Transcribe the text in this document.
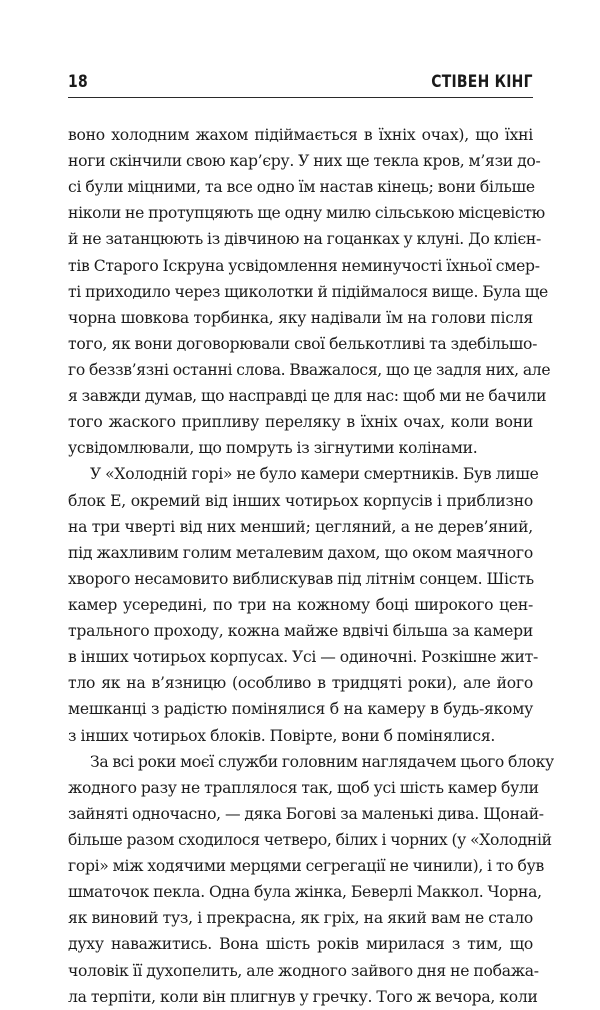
18	СТІВЕН КІНГ
воно холодним жахом підіймається в їхніх очах), що їхні
ноги скінчили свою кар’єру. У них ще текла кров, м’язи до-
сі були міцними, та все одно їм настав кінець; вони більше
ніколи не протупцяють ще одну милю сільською місцевістю
й не затанцюють із дівчиною на гоцанках у клуні. До клієн-
тів Старого Іскруна усвідомлення неминучості їхньої смер-
ті приходило через щиколотки й підіймалося вище. Була ще
чорна шовкова торбинка, яку надівали їм на голови після
того, як вони договорювали свої белькотливі та здебільшо-
го беззв’язні останні слова. Вважалося, що це задля них, але
я завжди думав, що насправді це для нас: щоб ми не бачили
того жаского припливу переляку в їхніх очах, коли вони
усвідомлювали, що помруть із зігнутими колінами.
У «Холодній горі» не було камери смертників. Був лише
блок Е, окремий від інших чотирьох корпусів і приблизно
на три чверті від них менший; цегляний, а не дерев’яний,
під жахливим голим металевим дахом, що оком маячного
хворого несамовито виблискував під літнім сонцем. Шість
камер усередині, по три на кожному боці широкого цен-
трального проходу, кожна майже вдвічі більша за камери
в інших чотирьох корпусах. Усі — одиночні. Розкішне жит-
тло як на в’язницю (особливо в тридцяті роки), але його
мешканці з радістю помінялися б на камеру в будь-якому
з інших чотирьох блоків. Повірте, вони б помінялися.
За всі роки моєї служби головним наглядачем цього блоку
жодного разу не траплялося так, щоб усі шість камер були
зайняті одночасно, — дяка Богові за маленькі дива. Щонай-
більше разом сходилося четверо, білих і чорних (у «Холодній
горі» між ходячими мерцями сегрегації не чинили), і то був
шматочок пекла. Одна була жінка, Беверлі Маккол. Чорна,
як виновий туз, і прекрасна, як гріх, на який вам не стало
духу наважитись. Вона шість років мирилася з тим, що
чоловік її духопелить, але жодного зайвого дня не побажа-
ла терпіти, коли він плигнув у гречку. Того ж вечора, коли
